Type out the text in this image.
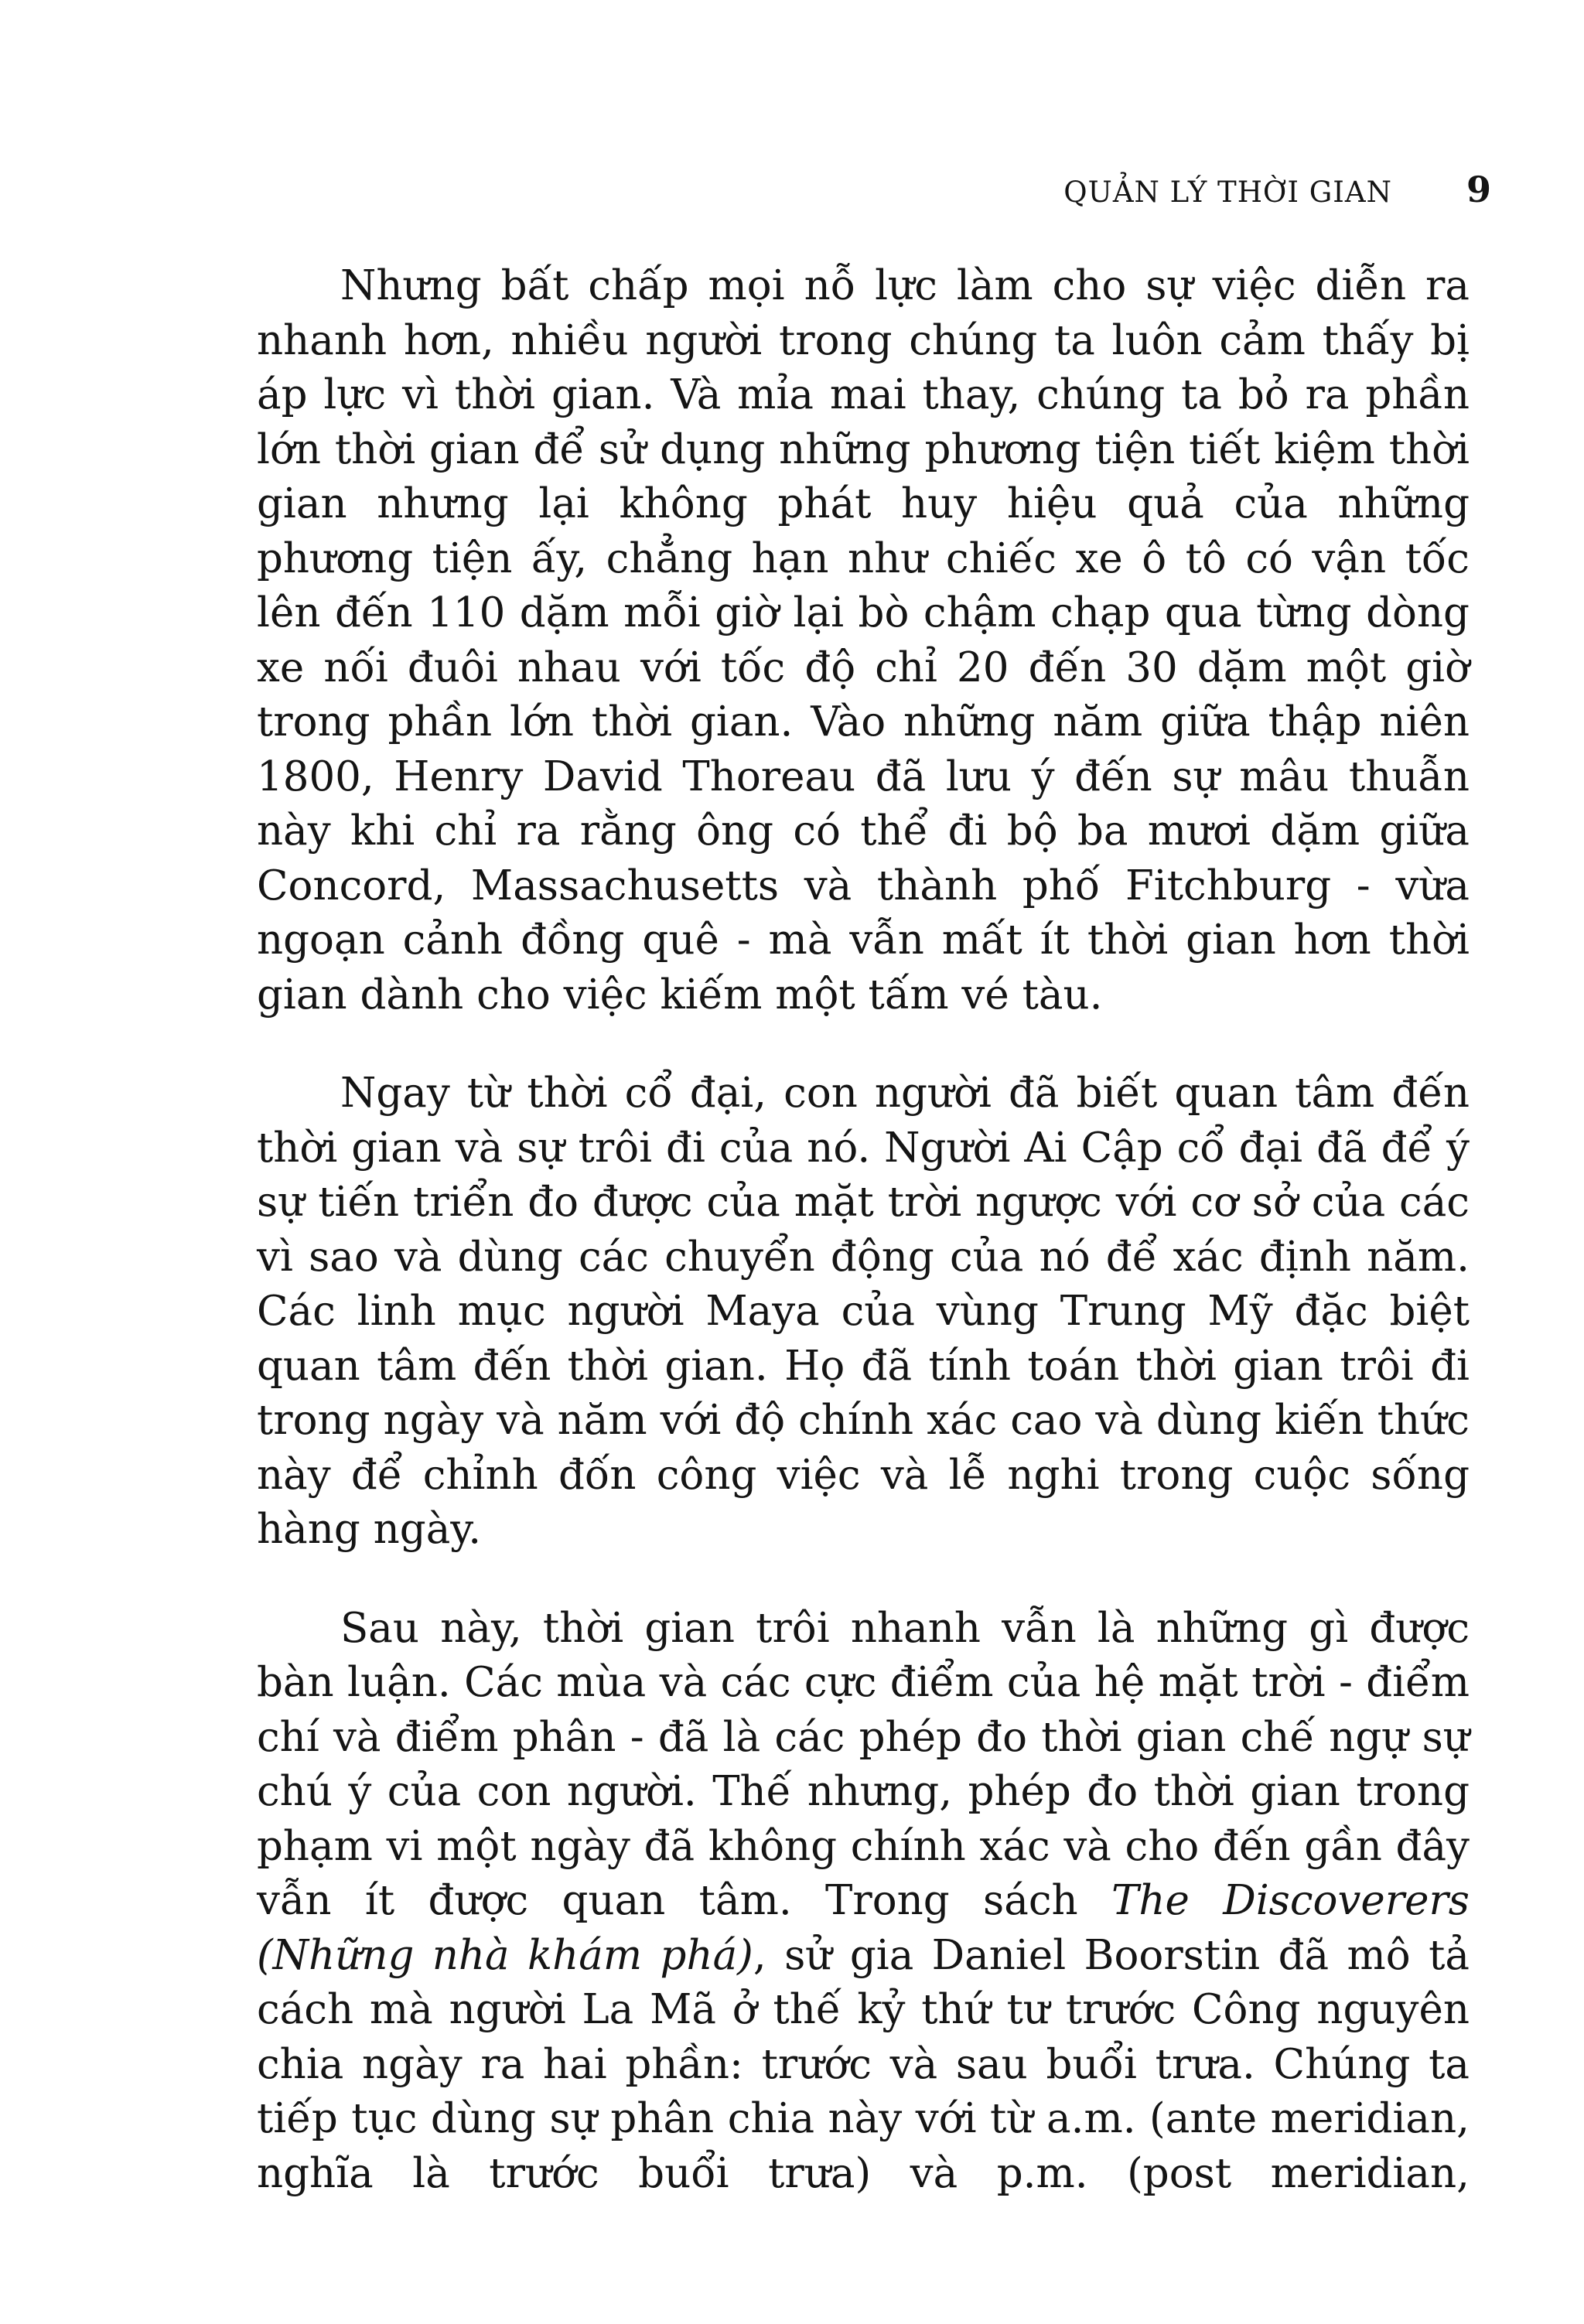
QUẢN LÝ THỜI GIAN 9

Nhưng bất chấp mọi nỗ lực làm cho sự việc diễn ra nhanh hơn, nhiều người trong chúng ta luôn cảm thấy bị áp lực vì thời gian. Và mỉa mai thay, chúng ta bỏ ra phần lớn thời gian để sử dụng những phương tiện tiết kiệm thời gian nhưng lại không phát huy hiệu quả của những phương tiện ấy, chẳng hạn như chiếc xe ô tô có vận tốc lên đến 110 dặm mỗi giờ lại bò chậm chạp qua từng dòng xe nối đuôi nhau với tốc độ chỉ 20 đến 30 dặm một giờ trong phần lớn thời gian. Vào những năm giữa thập niên 1800, Henry David Thoreau đã lưu ý đến sự mâu thuẫn này khi chỉ ra rằng ông có thể đi bộ ba mươi dặm giữa Concord, Massachusetts và thành phố Fitchburg - vừa ngoạn cảnh đồng quê - mà vẫn mất ít thời gian hơn thời gian dành cho việc kiếm một tấm vé tàu.

Ngay từ thời cổ đại, con người đã biết quan tâm đến thời gian và sự trôi đi của nó. Người Ai Cập cổ đại đã để ý sự tiến triển đo được của mặt trời ngược với cơ sở của các vì sao và dùng các chuyển động của nó để xác định năm. Các linh mục người Maya của vùng Trung Mỹ đặc biệt quan tâm đến thời gian. Họ đã tính toán thời gian trôi đi trong ngày và năm với độ chính xác cao và dùng kiến thức này để chỉnh đốn công việc và lễ nghi trong cuộc sống hàng ngày.

Sau này, thời gian trôi nhanh vẫn là những gì được bàn luận. Các mùa và các cực điểm của hệ mặt trời - điểm chí và điểm phân - đã là các phép đo thời gian chế ngự sự chú ý của con người. Thế nhưng, phép đo thời gian trong phạm vi một ngày đã không chính xác và cho đến gần đây vẫn ít được quan tâm. Trong sách The Discoverers (Những nhà khám phá), sử gia Daniel Boorstin đã mô tả cách mà người La Mã ở thế kỷ thứ tư trước Công nguyên chia ngày ra hai phần: trước và sau buổi trưa. Chúng ta tiếp tục dùng sự phân chia này với từ a.m. (ante meridian, nghĩa là trước buổi trưa) và p.m. (post meridian,
